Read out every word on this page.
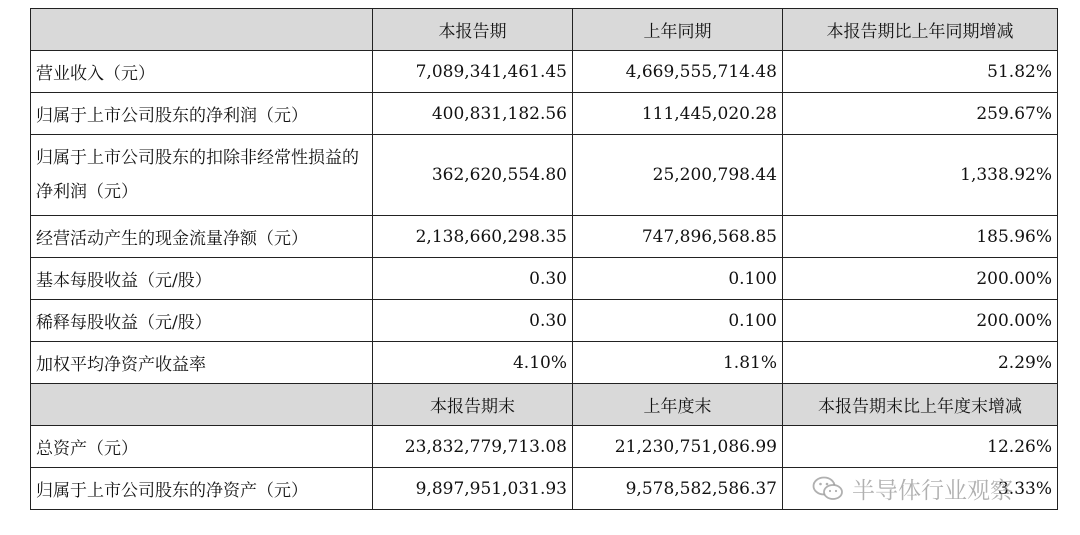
	本报告期	上年同期	本报告期比上年同期增减
营业收入（元）	7,089,341,461.45	4,669,555,714.48	51.82%
归属于上市公司股东的净利润（元）	400,831,182.56	111,445,020.28	259.67%
归属于上市公司股东的扣除非经常性损益的净利润（元）	362,620,554.80	25,200,798.44	1,338.92%
经营活动产生的现金流量净额（元）	2,138,660,298.35	747,896,568.85	185.96%
基本每股收益（元/股）	0.30	0.100	200.00%
稀释每股收益（元/股）	0.30	0.100	200.00%
加权平均净资产收益率	4.10%	1.81%	2.29%
	本报告期末	上年度末	本报告期末比上年度末增减
总资产（元）	23,832,779,713.08	21,230,751,086.99	12.26%
归属于上市公司股东的净资产（元）	9,897,951,031.93	9,578,582,586.37	3.33%
半导体行业观察
